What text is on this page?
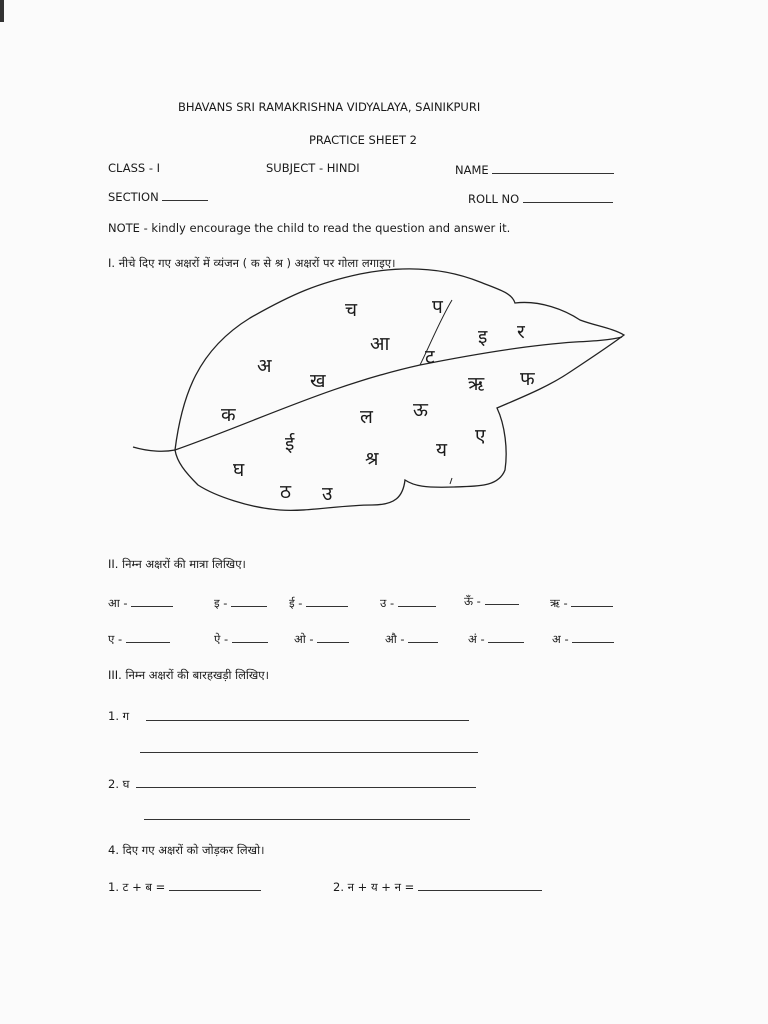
BHAVANS SRI RAMAKRISHNA VIDYALAYA, SAINIKPURI
PRACTICE SHEET 2
CLASS - I	SUBJECT - HINDI	NAME
SECTION	ROLL NO
NOTE - kindly encourage the child to read the question and answer it.
I. नीचे दिए गए अक्षरों में व्यंजन ( क से श्र ) अक्षरों पर गोला लगाइए।
च	प
आ
ट
इ र
अ
ख	ऋ फ
क	ल ऊ
ई	ए
श्र	य
घ
ठ उ
II. निम्न अक्षरों की मात्रा लिखिए।
आ -	इ -	ई -	उ -	ऊँ -	ऋ -
ए -	ऐ -	ओ -	औ -	अं -	अ -
III. निम्न अक्षरों की बारहखड़ी लिखिए।
1. ग
2. घ
4. दिए गए अक्षरों को जोड़कर लिखो।
1. ट + ब =	2. न + य + न =
